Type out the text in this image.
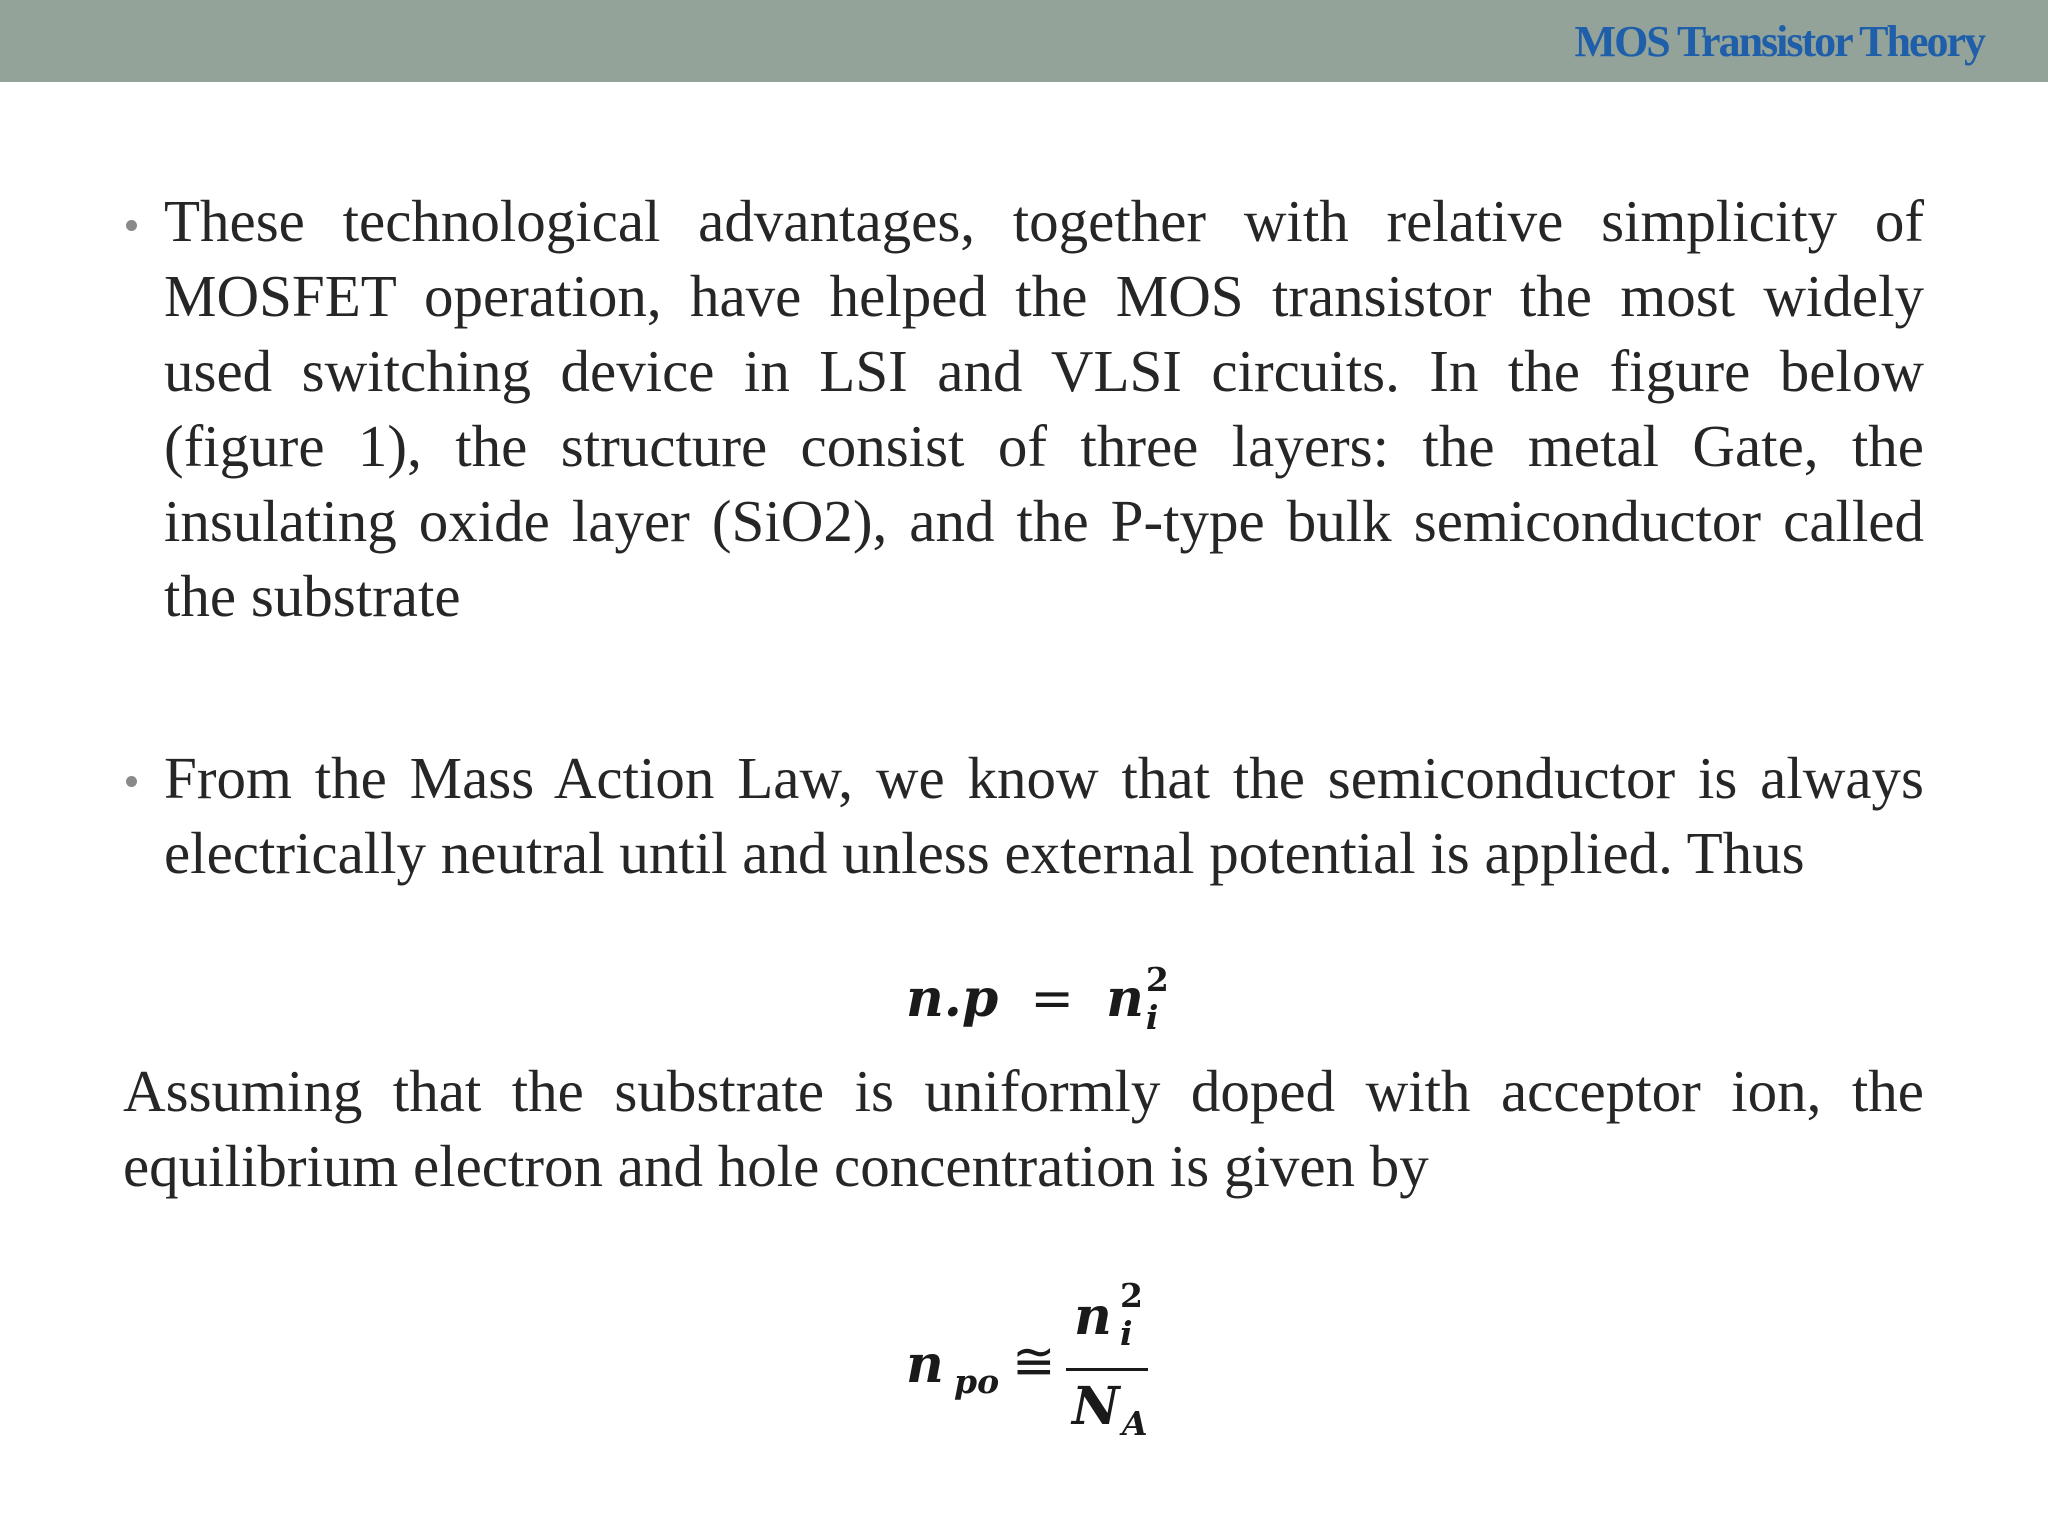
MOS Transistor Theory

These technological advantages, together with relative simplicity of MOSFET operation, have helped the MOS transistor the most widely used switching device in LSI and VLSI circuits. In the figure below (figure 1), the structure consist of three layers: the metal Gate, the insulating oxide layer (SiO2), and the P-type bulk semiconductor called the substrate

From the Mass Action Law, we know that the semiconductor is always electrically neutral until and unless external potential is applied. Thus

n.p = n 2
i

Assuming that the substrate is uniformly doped with acceptor ion, the equilibrium electron and hole concentration is given by

n po ≅
n 2
i
N A
